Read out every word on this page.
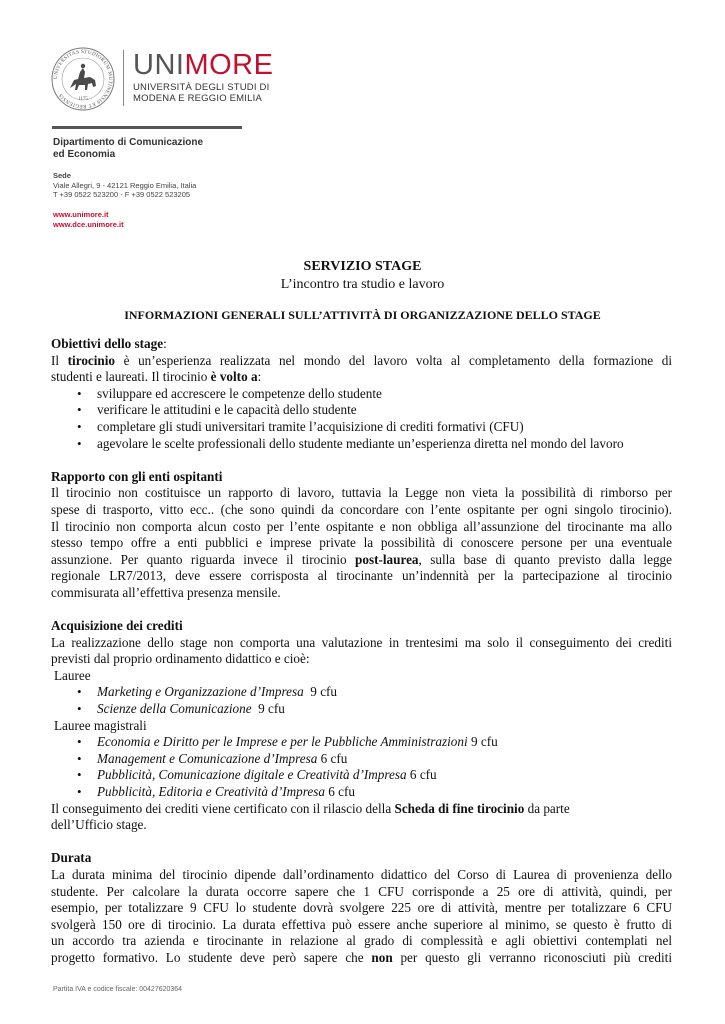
UNIVERSITAS STUDIORUM MUTINENSIS ET REGIENSIS
1175
UNIMORE
UNIVERSITÀ DEGLI STUDI DI
MODENA E REGGIO EMILIA
Dipartimento di Comunicazione
ed Economia
Sede
Viale Allegri, 9 - 42121 Reggio Emilia, Italia
T +39 0522 523200 - F +39 0522 523205
www.unimore.it
www.dce.unimore.it
SERVIZIO STAGE
L’incontro tra studio e lavoro
INFORMAZIONI GENERALI SULL’ATTIVITÀ DI ORGANIZZAZIONE DELLO STAGE

Obiettivi dello stage:

Il tirocinio è un’esperienza realizzata nel mondo del lavoro volta al completamento della formazione di

studenti e laureati. Il tirocinio è volto a:

• sviluppare ed accrescere le competenze dello studente
• verificare le attitudini e le capacità dello studente
• completare gli studi universitari tramite l’acquisizione di crediti formativi (CFU)
• agevolare le scelte professionali dello studente mediante un’esperienza diretta nel mondo del lavoro

Rapporto con gli enti ospitanti

Il tirocinio non costituisce un rapporto di lavoro, tuttavia la Legge non vieta la possibilità di rimborso per

spese di trasporto, vitto ecc.. (che sono quindi da concordare con l’ente ospitante per ogni singolo tirocinio).

Il tirocinio non comporta alcun costo per l’ente ospitante e non obbliga all’assunzione del tirocinante ma allo

stesso tempo offre a enti pubblici e imprese private la possibilità di conoscere persone per una eventuale

assunzione. Per quanto riguarda invece il tirocinio post-laurea, sulla base di quanto previsto dalla legge

regionale LR7/2013, deve essere corrisposta al tirocinante un’indennità per la partecipazione al tirocinio

commisurata all’effettiva presenza mensile.

Acquisizione dei crediti

La realizzazione dello stage non comporta una valutazione in trentesimi ma solo il conseguimento dei crediti

previsti dal proprio ordinamento didattico e cioè:

Lauree

• Marketing e Organizzazione d’Impresa 9 cfu
• Scienze della Comunicazione 9 cfu

Lauree magistrali

• Economia e Diritto per le Imprese e per le Pubbliche Amministrazioni 9 cfu
• Management e Comunicazione d’Impresa 6 cfu
• Pubblicità, Comunicazione digitale e Creatività d’Impresa 6 cfu
• Pubblicità, Editoria e Creatività d’Impresa 6 cfu

Il conseguimento dei crediti viene certificato con il rilascio della Scheda di fine tirocinio da parte

dell’Ufficio stage.

Durata

La durata minima del tirocinio dipende dall’ordinamento didattico del Corso di Laurea di provenienza dello

studente. Per calcolare la durata occorre sapere che 1 CFU corrisponde a 25 ore di attività, quindi, per

esempio, per totalizzare 9 CFU lo studente dovrà svolgere 225 ore di attività, mentre per totalizzare 6 CFU

svolgerà 150 ore di tirocinio. La durata effettiva può essere anche superiore al minimo, se questo è frutto di

un accordo tra azienda e tirocinante in relazione al grado di complessità e agli obiettivi contemplati nel

progetto formativo. Lo studente deve però sapere che non per questo gli verranno riconosciuti più crediti

Partita IVA e codice fiscale: 00427620364
